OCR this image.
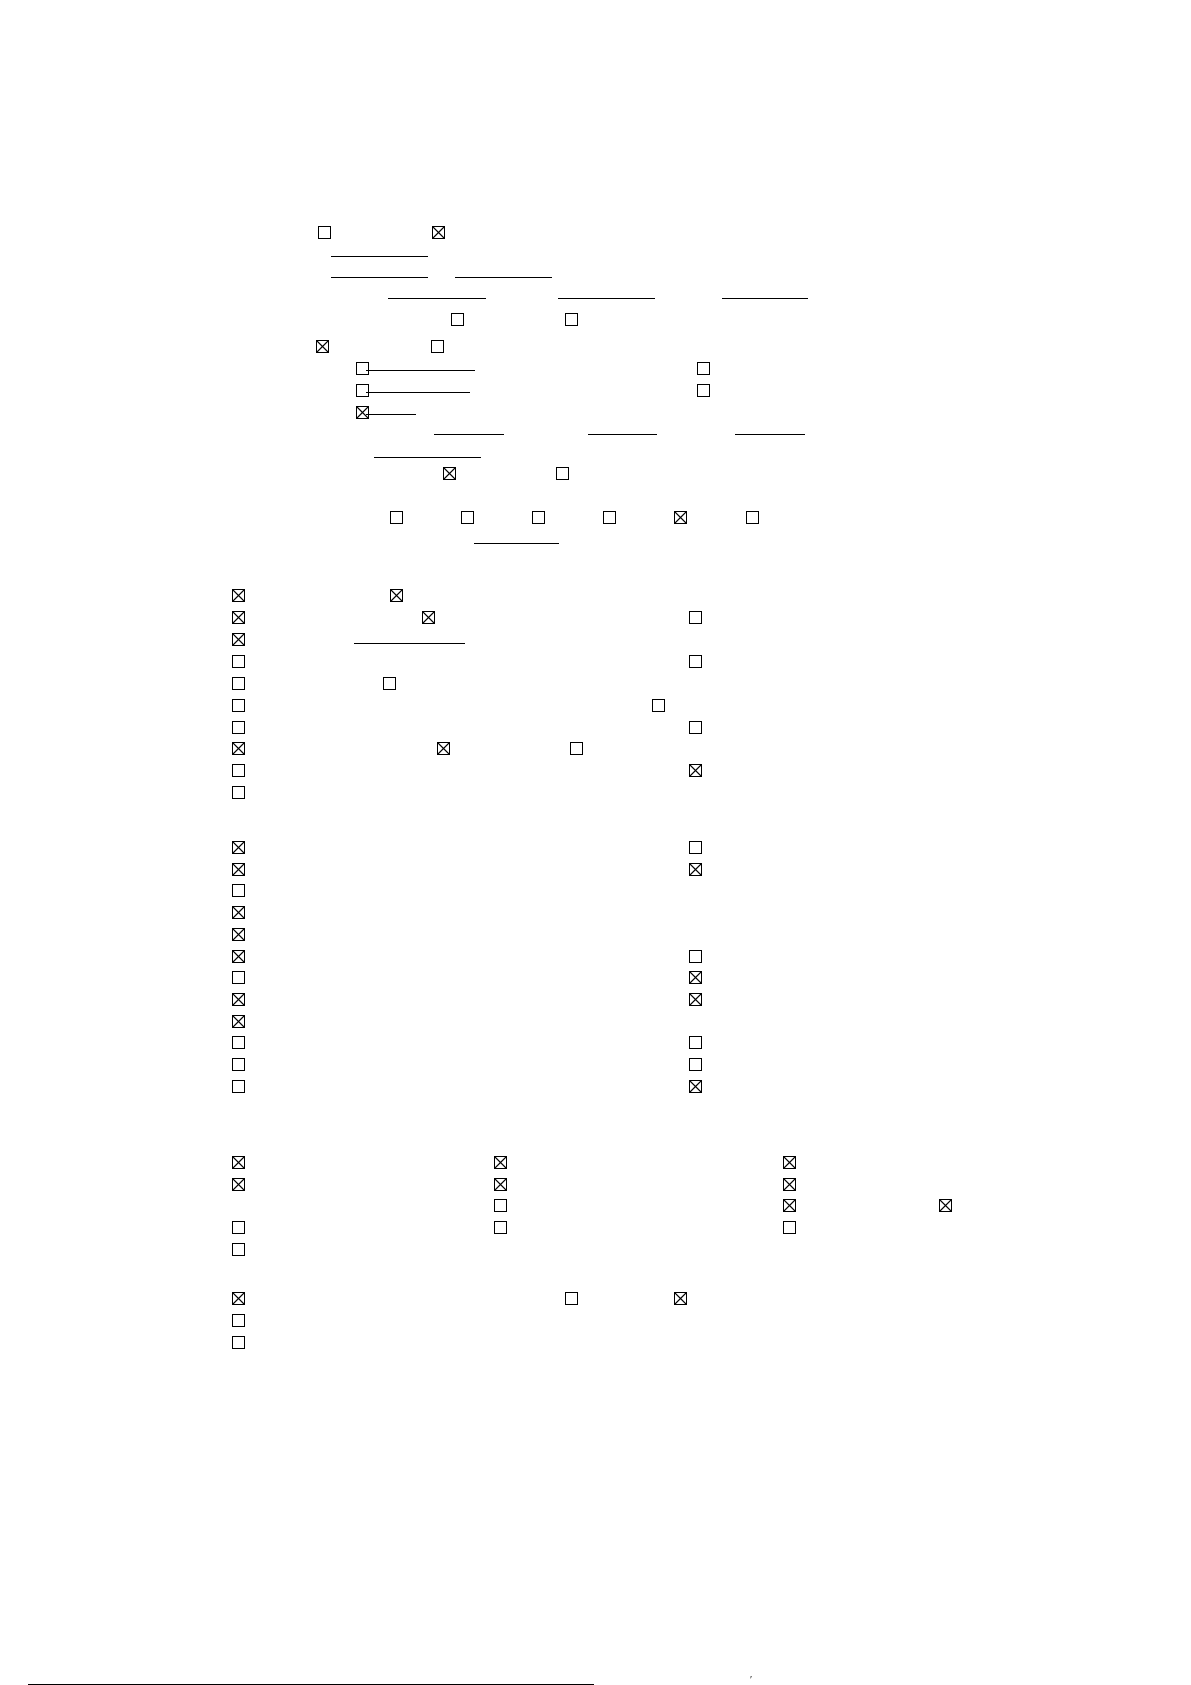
′
